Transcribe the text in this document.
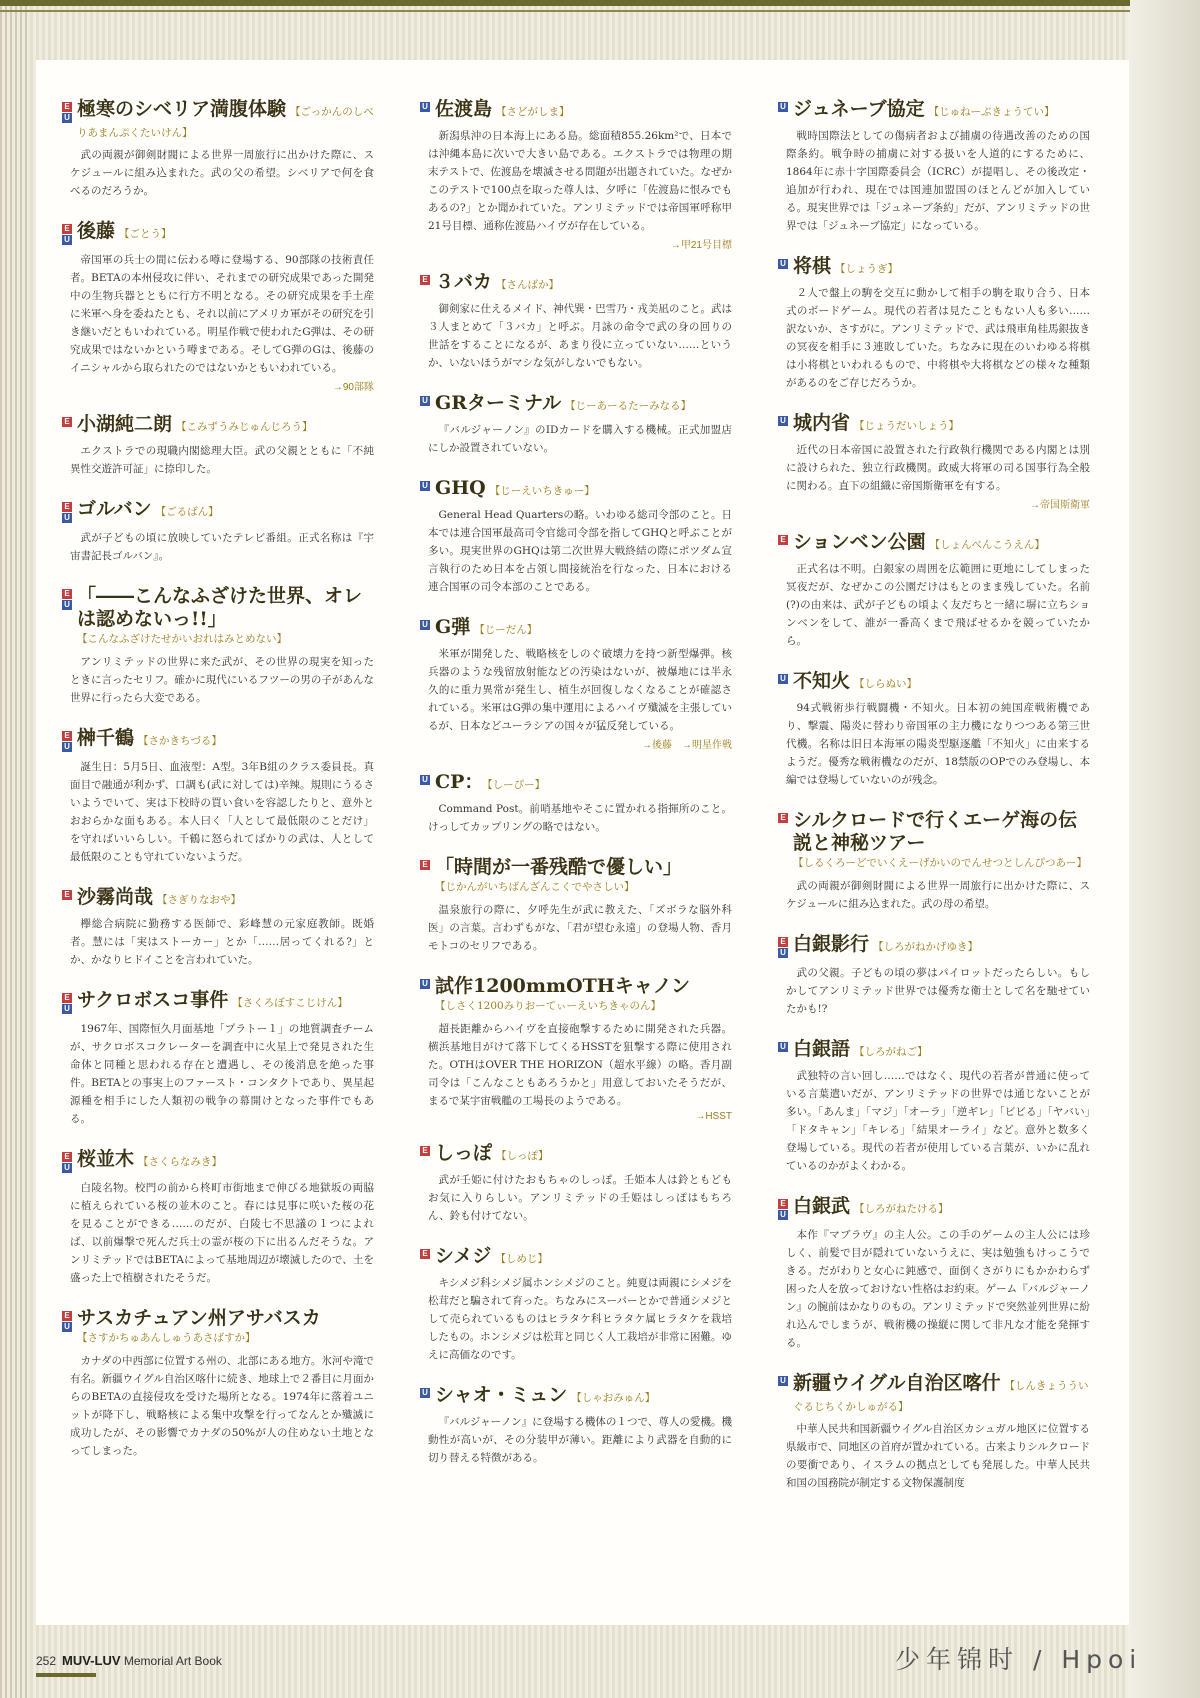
E
U 極寒のシベリア満腹体験 【ごっかんのしべりあまんぷくたいけん】
武の両親が御剣財閥による世界一周旅行に出かけた際に、スケジュールに組み込まれた。武の父の希望。シベリアで何を食べるのだろうか。
E
U 後藤 【ごとう】
帝国軍の兵士の間に伝わる噂に登場する、90部隊の技術責任者。BETAの本州侵攻に伴い、それまでの研究成果であった開発中の生物兵器とともに行方不明となる。その研究成果を手土産に米軍へ身を委ねたとも、それ以前にアメリカ軍がその研究を引き継いだともいわれている。明星作戦で使われたG弾は、その研究成果ではないかという噂まである。そしてG弾のGは、後藤のイニシャルから取られたのではないかともいわれている。
→90部隊
E 小湖純二朗 【こみずうみじゅんじろう】
エクストラでの現職内閣総理大臣。武の父親とともに「不純異性交遊許可証」に捺印した。
E
U ゴルバン 【ごるばん】
武が子どもの頃に放映していたテレビ番組。正式名称は『宇宙書記長ゴルバン』。
E
U 「――こんなふざけた世界、オレは認めないっ!!」
【こんなふざけたせかいおれはみとめない】
アンリミテッドの世界に来た武が、その世界の現実を知ったときに言ったセリフ。確かに現代にいるフツーの男の子があんな世界に行ったら大変である。
E
U 榊千鶴 【さかきちづる】
誕生日：5月5日、血液型：A型。3年B組のクラス委員長。真面目で融通が利かず、口調も(武に対しては)辛辣。規則にうるさいようでいて、実は下校時の買い食いを容認したりと、意外とおおらかな面もある。本人曰く「人として最低限のことだけ」を守ればいいらしい。千鶴に怒られてばかりの武は、人として最低限のことも守れていないようだ。
E 沙霧尚哉 【さぎりなおや】
欅総合病院に勤務する医師で、彩峰慧の元家庭教師。既婚者。慧には「実はストーカー」とか「……居ってくれる?」とか、かなりヒドイことを言われていた。
E
U サクロボスコ事件 【さくろぼすこじけん】
1967年、国際恒久月面基地「プラトー１」の地質調査チームが、サクロボスコクレーターを調査中に火星上で発見された生命体と同種と思われる存在と遭遇し、その後消息を絶った事件。BETAとの事実上のファースト・コンタクトであり、異星起源種を相手にした人類初の戦争の幕開けとなった事件でもある。
E
U 桜並木 【さくらなみき】
白陵名物。校門の前から柊町市街地まで伸びる地獄坂の両脇に植えられている桜の並木のこと。春には見事に咲いた桜の花を見ることができる……のだが、白陵七不思議の１つによれば、以前爆撃で死んだ兵士の霊が桜の下に出るんだそうな。アンリミテッドではBETAによって基地周辺が壊滅したので、土を盛った上で植樹されたそうだ。
E
U サスカチュアン州アサバスカ
【さすかちゅあんしゅうあさばすか】
カナダの中西部に位置する州の、北部にある地方。氷河や滝で有名。新疆ウイグル自治区喀什に続き、地球上で２番目に月面からのBETAの直接侵攻を受けた場所となる。1974年に落着ユニットが降下し、戦略核による集中攻撃を行ってなんとか殲滅に成功したが、その影響でカナダの50%が人の住めない土地となってしまった。
U 佐渡島 【さどがしま】
新潟県沖の日本海上にある島。総面積855.26km²で、日本では沖縄本島に次いで大きい島である。エクストラでは物理の期末テストで、佐渡島を壊滅させる問題が出題されていた。なぜかこのテストで100点を取った尊人は、夕呼に「佐渡島に恨みでもあるの?」とか聞かれていた。アンリミテッドでは帝国軍呼称甲21号目標、通称佐渡島ハイヴが存在している。
→甲21号目標
E ３バカ 【さんばか】
御剣家に仕えるメイド、神代巽・巴雪乃・戎美凪のこと。武は３人まとめて「３バカ」と呼ぶ。月詠の命令で武の身の回りの世話をすることになるが、あまり役に立っていない……というか、いないほうがマシな気がしないでもない。
U GRターミナル 【じーあーるたーみなる】
『バルジャーノン』のIDカードを購入する機械。正式加盟店にしか設置されていない。
U GHQ 【じーえいちきゅー】
General Head Quartersの略。いわゆる総司令部のこと。日本では連合国軍最高司令官総司令部を指してGHQと呼ぶことが多い。現実世界のGHQは第二次世界大戦終結の際にポツダム宣言執行のため日本を占領し間接統治を行なった、日本における連合国軍の司令本部のことである。
U G弾 【じーだん】
米軍が開発した、戦略核をしのぐ破壊力を持つ新型爆弾。核兵器のような残留放射能などの汚染はないが、被爆地には半永久的に重力異常が発生し、植生が回復しなくなることが確認されている。米軍はG弾の集中運用によるハイヴ殲滅を主張しているが、日本などユーラシアの国々が猛反発している。
→後藤　→明星作戦
U CP： 【しーぴー】
Command Post。前哨基地やそこに置かれる指揮所のこと。けっしてカップリングの略ではない。
E 「時間が一番残酷で優しい」
【じかんがいちばんざんこくでやさしい】
温泉旅行の際に、夕呼先生が武に教えた、「ズボラな脳外科医」の言葉。言わずもがな、「君が望む永遠」の登場人物、香月モトコのセリフである。
U 試作1200mmOTHキャノン
【しさく1200みりおーてぃーえいちきゃのん】
超長距離からハイヴを直接砲撃するために開発された兵器。横浜基地目がけて落下してくるHSSTを狙撃する際に使用された。OTHはOVER THE HORIZON（超水平線）の略。香月副司令は「こんなこともあろうかと」用意しておいたそうだが、まるで某宇宙戦艦の工場長のようである。
→HSST
E しっぽ 【しっぽ】
武が壬姫に付けたおもちゃのしっぽ。壬姫本人は鈴ともどもお気に入りらしい。アンリミテッドの壬姫はしっぽはもちろん、鈴も付けてない。
E シメジ 【しめじ】
キシメジ科シメジ属ホンシメジのこと。純夏は両親にシメジを松茸だと騙されて育った。ちなみにスーパーとかで普通シメジとして売られているものはヒラタケ科ヒラタケ属ヒラタケを栽培したもの。ホンシメジは松茸と同じく人工栽培が非常に困難。ゆえに高価なのです。
U シャオ・ミュン 【しゃおみゅん】
『バルジャーノン』に登場する機体の１つで、尊人の愛機。機動性が高いが、その分装甲が薄い。距離により武器を自動的に切り替える特徴がある。
U ジュネーブ協定 【じゅねーぶきょうてい】
戦時国際法としての傷病者および捕虜の待遇改善のための国際条約。戦争時の捕虜に対する扱いを人道的にするために、1864年に赤十字国際委員会（ICRC）が提唱し、その後改定・追加が行われ、現在では国連加盟国のほとんどが加入している。現実世界では「ジュネーブ条約」だが、アンリミテッドの世界では「ジュネーブ協定」になっている。
U 将棋 【しょうぎ】
２人で盤上の駒を交互に動かして相手の駒を取り合う、日本式のボードゲーム。現代の若者は見たこともない人も多い……訳ないか、さすがに。アンリミテッドで、武は飛車角桂馬銀抜きの冥夜を相手に３連敗していた。ちなみに現在のいわゆる将棋は小将棋といわれるもので、中将棋や大将棋などの様々な種類があるのをご存じだろうか。
U 城内省 【じょうだいしょう】
近代の日本帝国に設置された行政執行機関である内閣とは別に設けられた、独立行政機関。政威大将軍の司る国事行為全般に関わる。直下の組織に帝国斯衛軍を有する。
→帝国斯衛軍
E ションベン公園 【しょんべんこうえん】
正式名は不明。白銀家の周囲を広範囲に更地にしてしまった冥夜だが、なぜかこの公園だけはもとのまま残していた。名前(?)の由来は、武が子どもの頃よく友だちと一緒に塀に立ちションベンをして、誰が一番高くまで飛ばせるかを競っていたから。
U 不知火 【しらぬい】
94式戦術歩行戦闘機・不知火。日本初の純国産戦術機であり、撃震、陽炎に替わり帝国軍の主力機になりつつある第三世代機。名称は旧日本海軍の陽炎型駆逐艦「不知火」に由来するようだ。優秀な戦術機なのだが、18禁版のOPでのみ登場し、本編では登場していないのが残念。
E シルクロードで行くエーゲ海の伝説と神秘ツアー
【しるくろーどでいくえーげかいのでんせつとしんぴつあー】
武の両親が御剣財閥による世界一周旅行に出かけた際に、スケジュールに組み込まれた。武の母の希望。
E
U 白銀影行 【しろがねかげゆき】
武の父親。子どもの頃の夢はパイロットだったらしい。もしかしてアンリミテッド世界では優秀な衛士として名を馳せていたかも!?
U 白銀語 【しろがねご】
武独特の言い回し……ではなく、現代の若者が普通に使っている言葉遣いだが、アンリミテッドの世界では通じないことが多い。「あんま」「マジ」「オーラ」「逆ギレ」「ビビる」「ヤバい」「ドタキャン」「キレる」「結果オーライ」など。意外と数多く登場している。現代の若者が使用している言葉が、いかに乱れているのかがよくわかる。
E
U 白銀武 【しろがねたける】
本作『マブラヴ』の主人公。この手のゲームの主人公には珍しく、前髪で目が隠れていないうえに、実は勉強もけっこうできる。だがわりと女心に鈍感で、面倒くさがりにもかかわらず困った人を放っておけない性格はお約束。ゲーム『バルジャーノン』の腕前はかなりのもの。アンリミテッドで突然並列世界に紛れ込んでしまうが、戦術機の操縦に関して非凡な才能を発揮する。
U 新疆ウイグル自治区喀什 【しんきょうういぐるじちくかしゅがる】
中華人民共和国新疆ウイグル自治区カシュガル地区に位置する県級市で、同地区の首府が置かれている。古来よりシルクロードの要衝であり、イスラムの拠点としても発展した。中華人民共和国の国務院が制定する文物保護制度
252 MUV-LUV Memorial Art Book	少年锦时 / Hpoi
